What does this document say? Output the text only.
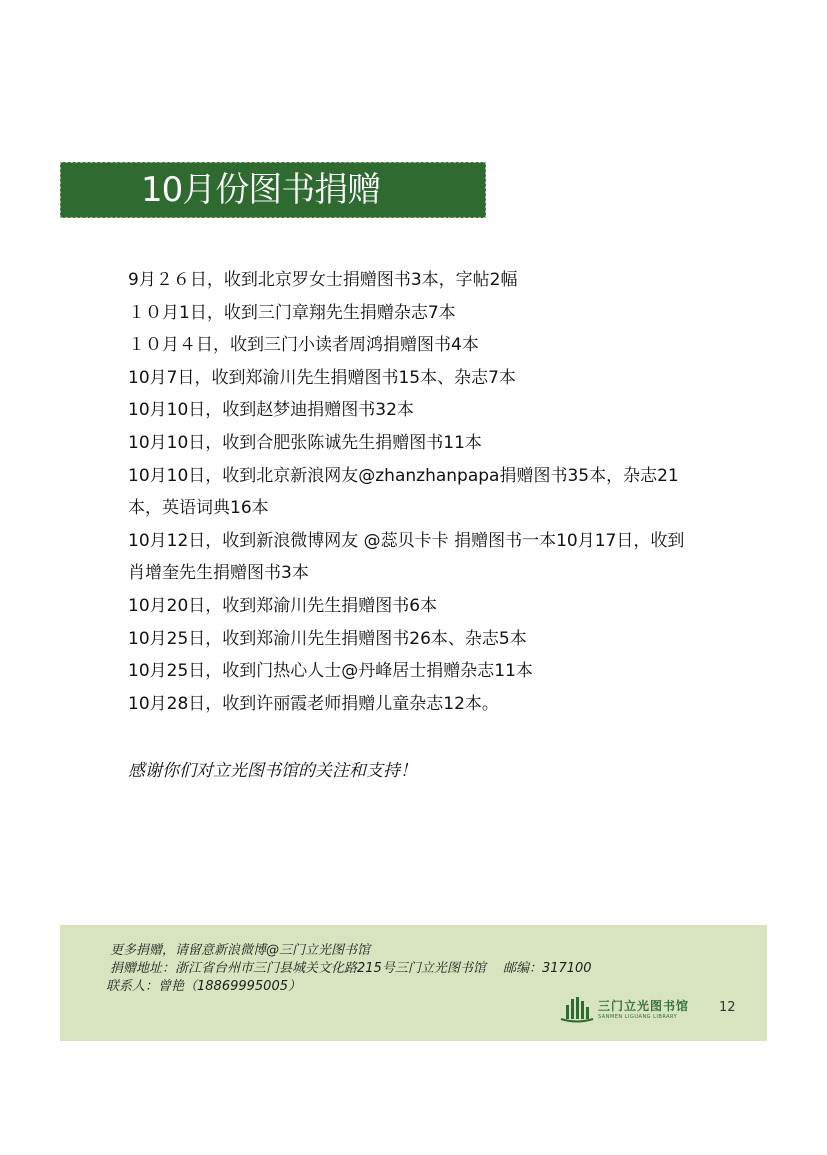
10月份图书捐赠
9月２６日，收到北京罗女士捐赠图书3本，字帖2幅
１０月1日，收到三门章翔先生捐赠杂志7本
１０月４日，收到三门小读者周鸿捐赠图书4本
10月7日，收到郑渝川先生捐赠图书15本、杂志7本
10月10日，收到赵梦迪捐赠图书32本
10月10日，收到合肥张陈诚先生捐赠图书11本
10月10日，收到北京新浪网友@zhanzhanpapa捐赠图书35本，杂志21本，英语词典16本
10月12日，收到新浪微博网友 @蕊贝卡卡 捐赠图书一本10月17日，收到肖增奎先生捐赠图书3本
10月20日，收到郑渝川先生捐赠图书6本
10月25日，收到郑渝川先生捐赠图书26本、杂志5本
10月25日，收到门热心人士@丹峰居士捐赠杂志11本
10月28日，收到许丽霞老师捐赠儿童杂志12本。
感谢你们对立光图书馆的关注和支持！
更多捐赠，请留意新浪微博@三门立光图书馆
捐赠地址：浙江省台州市三门县城关文化路215号三门立光图书馆　 邮编：317100
联系人：曾艳（18869995005）
三门立光图书馆
SANMEN LIGUANG LIBRARY
12
